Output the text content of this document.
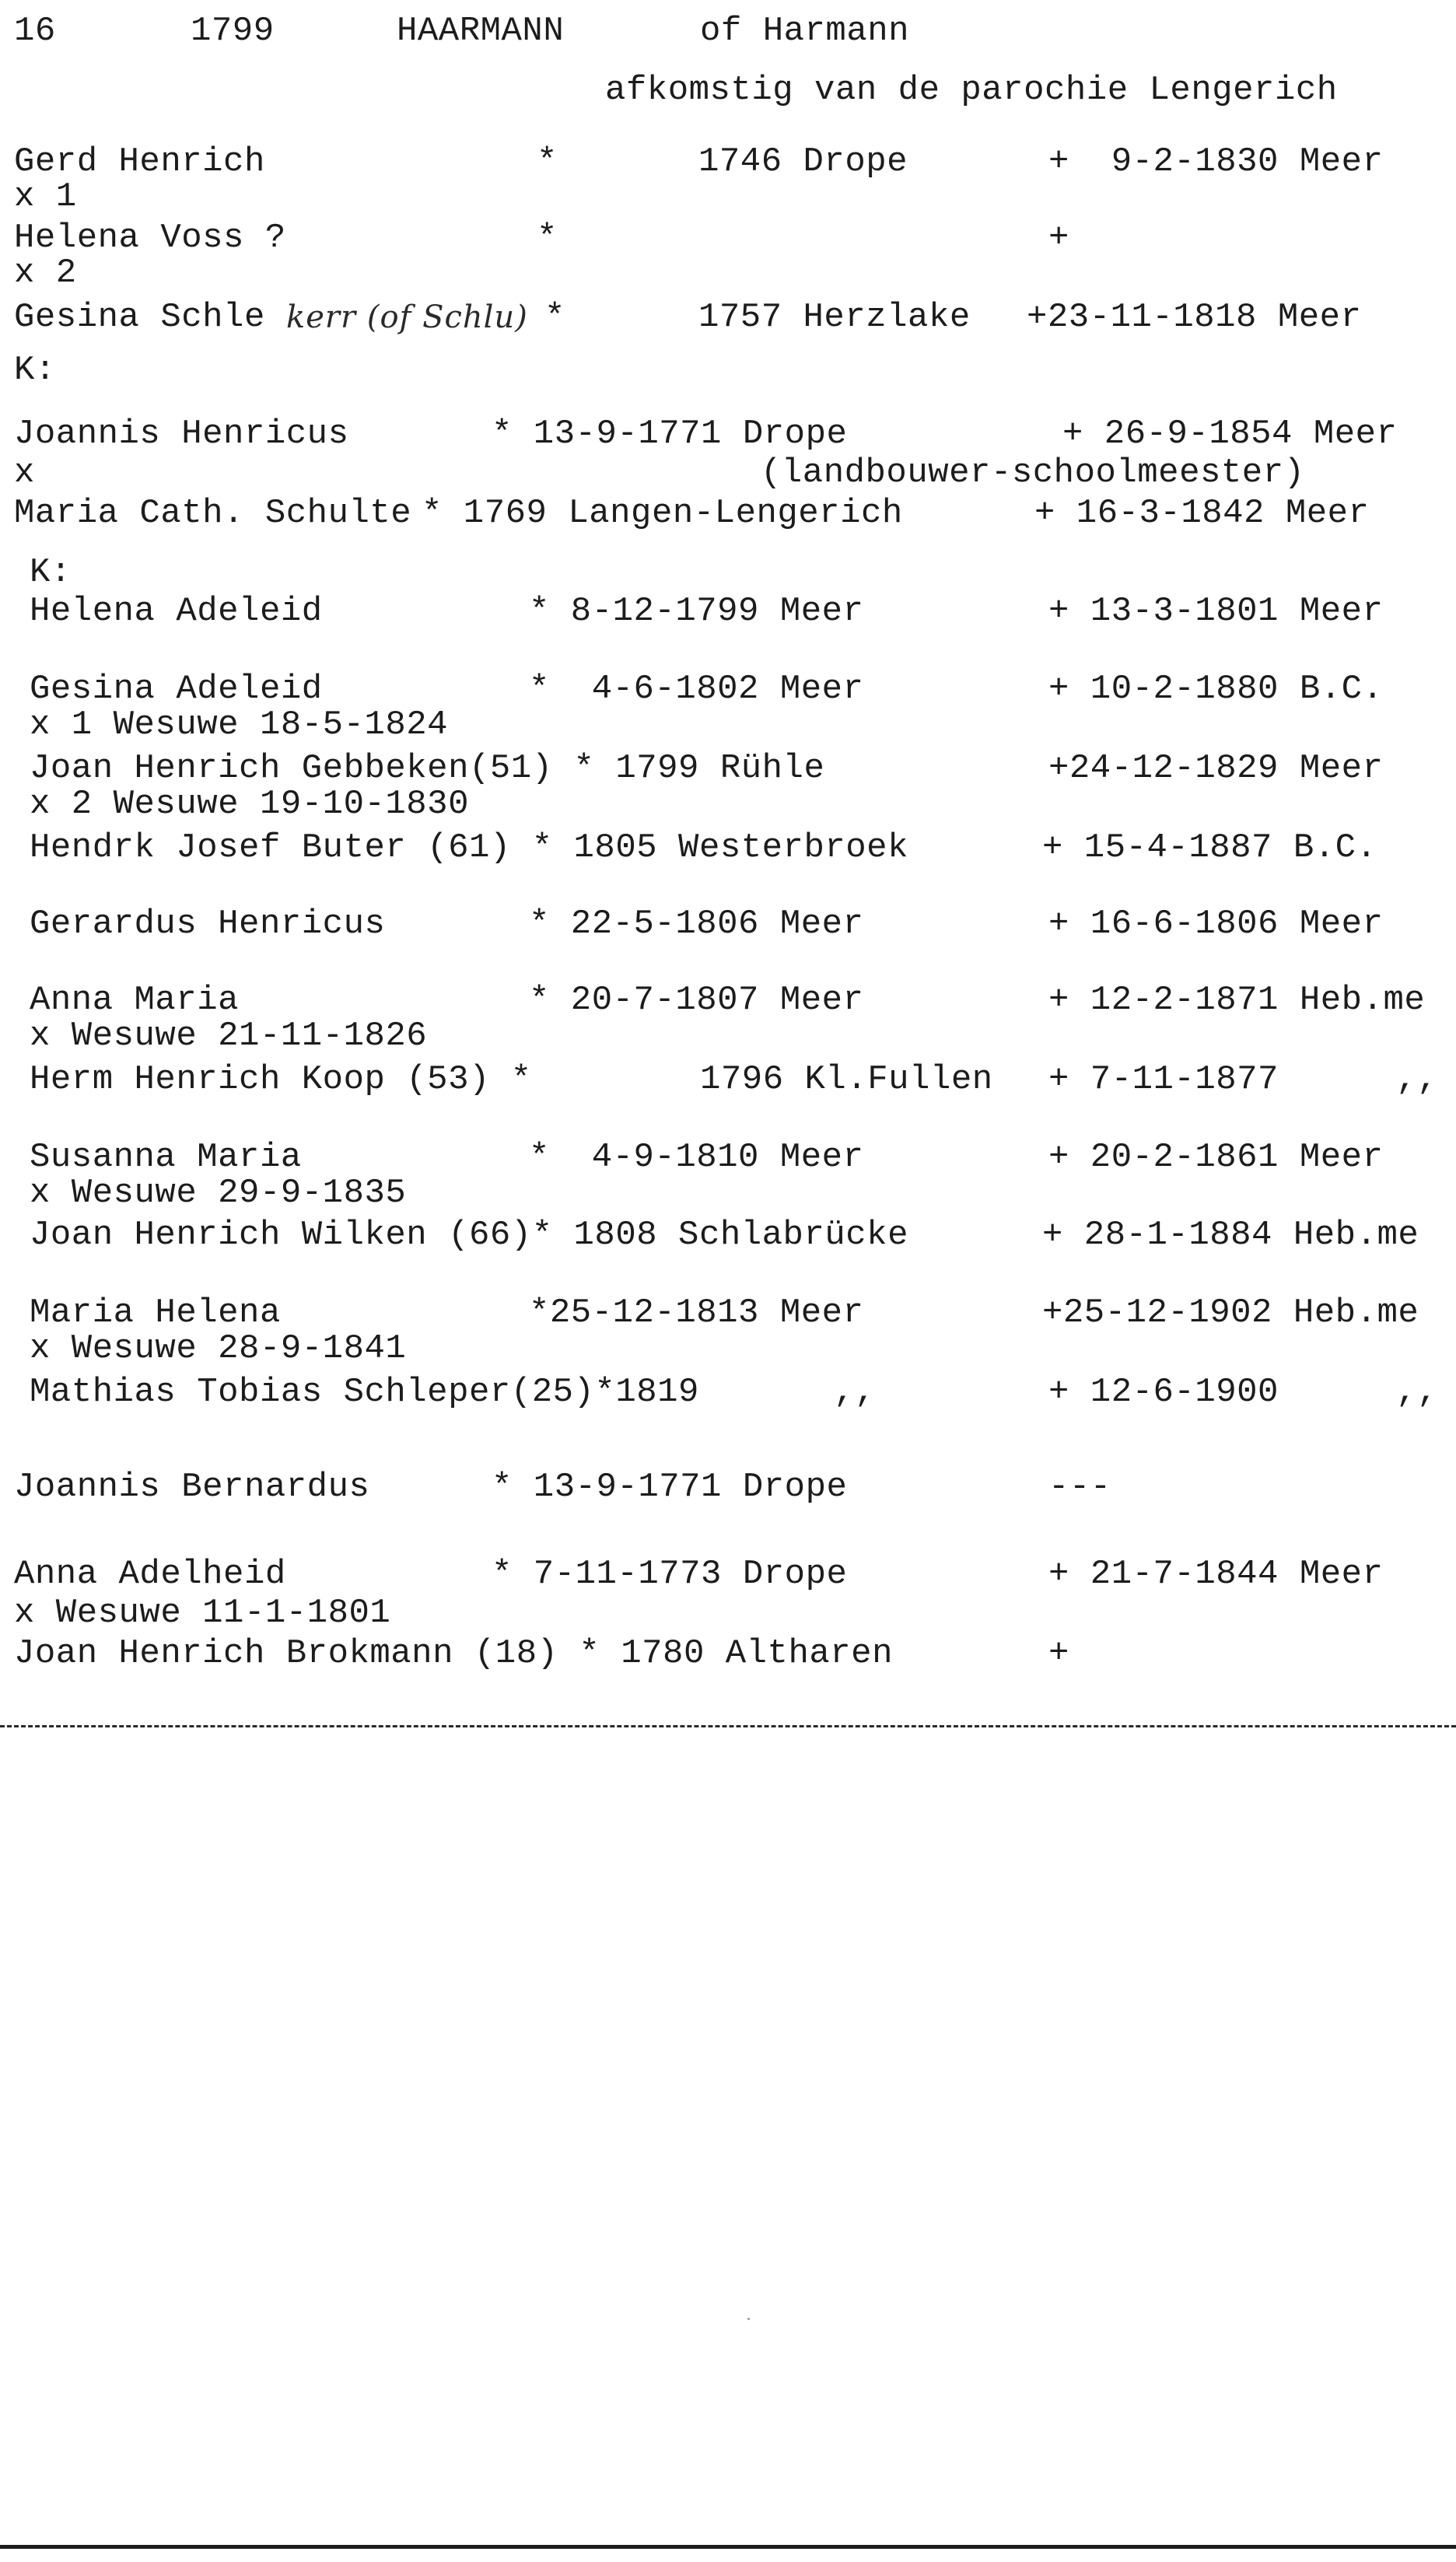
16	1799	HAARMANN	of Harmann
afkomstig van de parochie Lengerich
Gerd Henrich	*	1746 Drope	+  9-2-1830 Meer
x 1
Helena Voss ?	*	+
x 2
Gesina Schle kerr (of Schlu) *	1757 Herzlake +23-11-1818 Meer
K:
Joannis Henricus	* 13-9-1771 Drope	+ 26-9-1854 Meer
x	(landbouwer-schoolmeester)
Maria Cath. Schulte * 1769 Langen-Lengerich	+ 16-3-1842 Meer
K:
Helena Adeleid	* 8-12-1799 Meer	+ 13-3-1801 Meer
Gesina Adeleid	*  4-6-1802 Meer	+ 10-2-1880 B.C.
x 1 Wesuwe 18-5-1824
Joan Henrich Gebbeken(51) * 1799 Rühle	+24-12-1829 Meer
x 2 Wesuwe 19-10-1830
Hendrk Josef Buter (61) * 1805 Westerbroek	+ 15-4-1887 B.C.
Gerardus Henricus	* 22-5-1806 Meer	+ 16-6-1806 Meer
Anna Maria	* 20-7-1807 Meer	+ 12-2-1871 Heb.me
x Wesuwe 21-11-1826
Herm Henrich Koop (53) *	1796 Kl.Fullen + 7-11-1877	,,
Susanna Maria	*  4-9-1810 Meer	+ 20-2-1861 Meer
x Wesuwe 29-9-1835
Joan Henrich Wilken (66)* 1808 Schlabrücke	+ 28-1-1884 Heb.me
Maria Helena	*25-12-1813 Meer	+25-12-1902 Heb.me
x Wesuwe 28-9-1841
Mathias Tobias Schleper(25)*1819	,,	+ 12-6-1900	,,
Joannis Bernardus	* 13-9-1771 Drope	---
Anna Adelheid	* 7-11-1773 Drope	+ 21-7-1844 Meer
x Wesuwe 11-1-1801
Joan Henrich Brokmann (18) * 1780 Altharen	+
